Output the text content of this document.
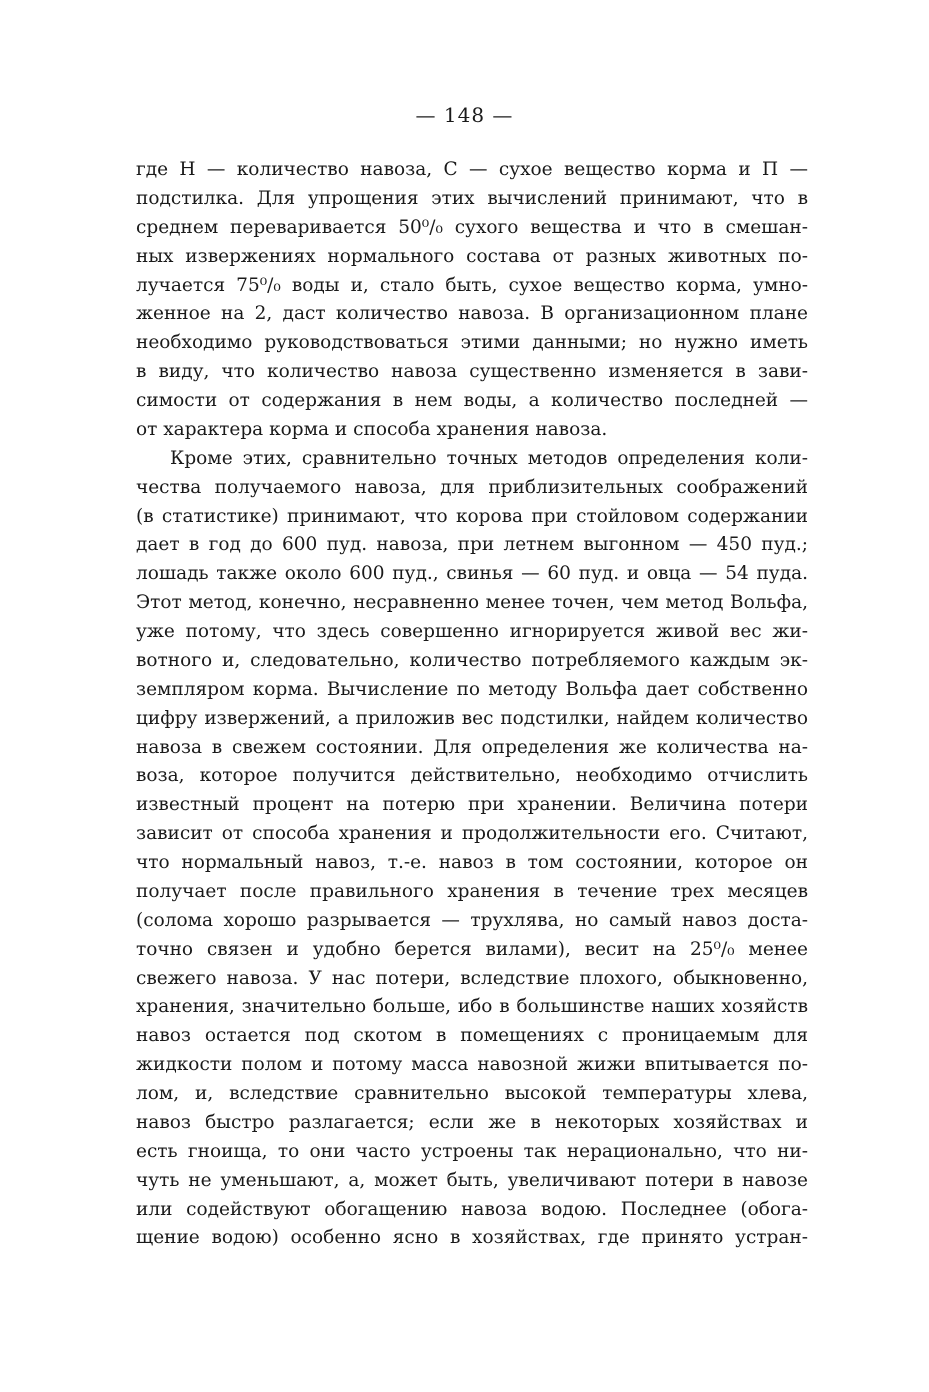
— 148 —
где Н — количество навоза, С — сухое вещество корма и П —
подстилка. Для упрощения этих вычислений принимают, что в
среднем переваривается 50⁰/₀ сухого вещества и что в смешан-
ных извержениях нормального состава от разных животных по-
лучается 75⁰/₀ воды и, стало быть, сухое вещество корма, умно-
женное на 2, даст количество навоза. В организационном плане
необходимо руководствоваться этими данными; но нужно иметь
в виду, что количество навоза существенно изменяется в зави-
симости от содержания в нем воды, а количество последней —
от характера корма и способа хранения навоза.
Кроме этих, сравнительно точных методов определения коли-
чества получаемого навоза, для приблизительных соображений
(в статистике) принимают, что корова при стойловом содержании
дает в год до 600 пуд. навоза, при летнем выгонном — 450 пуд.;
лошадь также около 600 пуд., свинья — 60 пуд. и овца — 54 пуда.
Этот метод, конечно, несравненно менее точен, чем метод Вольфа,
уже потому, что здесь совершенно игнорируется живой вес жи-
вотного и, следовательно, количество потребляемого каждым эк-
земпляром корма. Вычисление по методу Вольфа дает собственно
цифру извержений, а приложив вес подстилки, найдем количество
навоза в свежем состоянии. Для определения же количества на-
воза, которое получится действительно, необходимо отчислить
известный процент на потерю при хранении. Величина потери
зависит от способа хранения и продолжительности его. Считают,
что нормальный навоз, т.-е. навоз в том состоянии, которое он
получает после правильного хранения в течение трех месяцев
(солома хорошо разрывается — трухлява, но самый навоз доста-
точно связен и удобно берется вилами), весит на 25⁰/₀ менее
свежего навоза. У нас потери, вследствие плохого, обыкновенно,
хранения, значительно больше, ибо в большинстве наших хозяйств
навоз остается под скотом в помещениях с проницаемым для
жидкости полом и потому масса навозной жижи впитывается по-
лом, и, вследствие сравнительно высокой температуры хлева,
навоз быстро разлагается; если же в некоторых хозяйствах и
есть гноища, то они часто устроены так нерационально, что ни-
чуть не уменьшают, а, может быть, увеличивают потери в навозе
или содействуют обогащению навоза водою. Последнее (обога-
щение водою) особенно ясно в хозяйствах, где принято устран-
